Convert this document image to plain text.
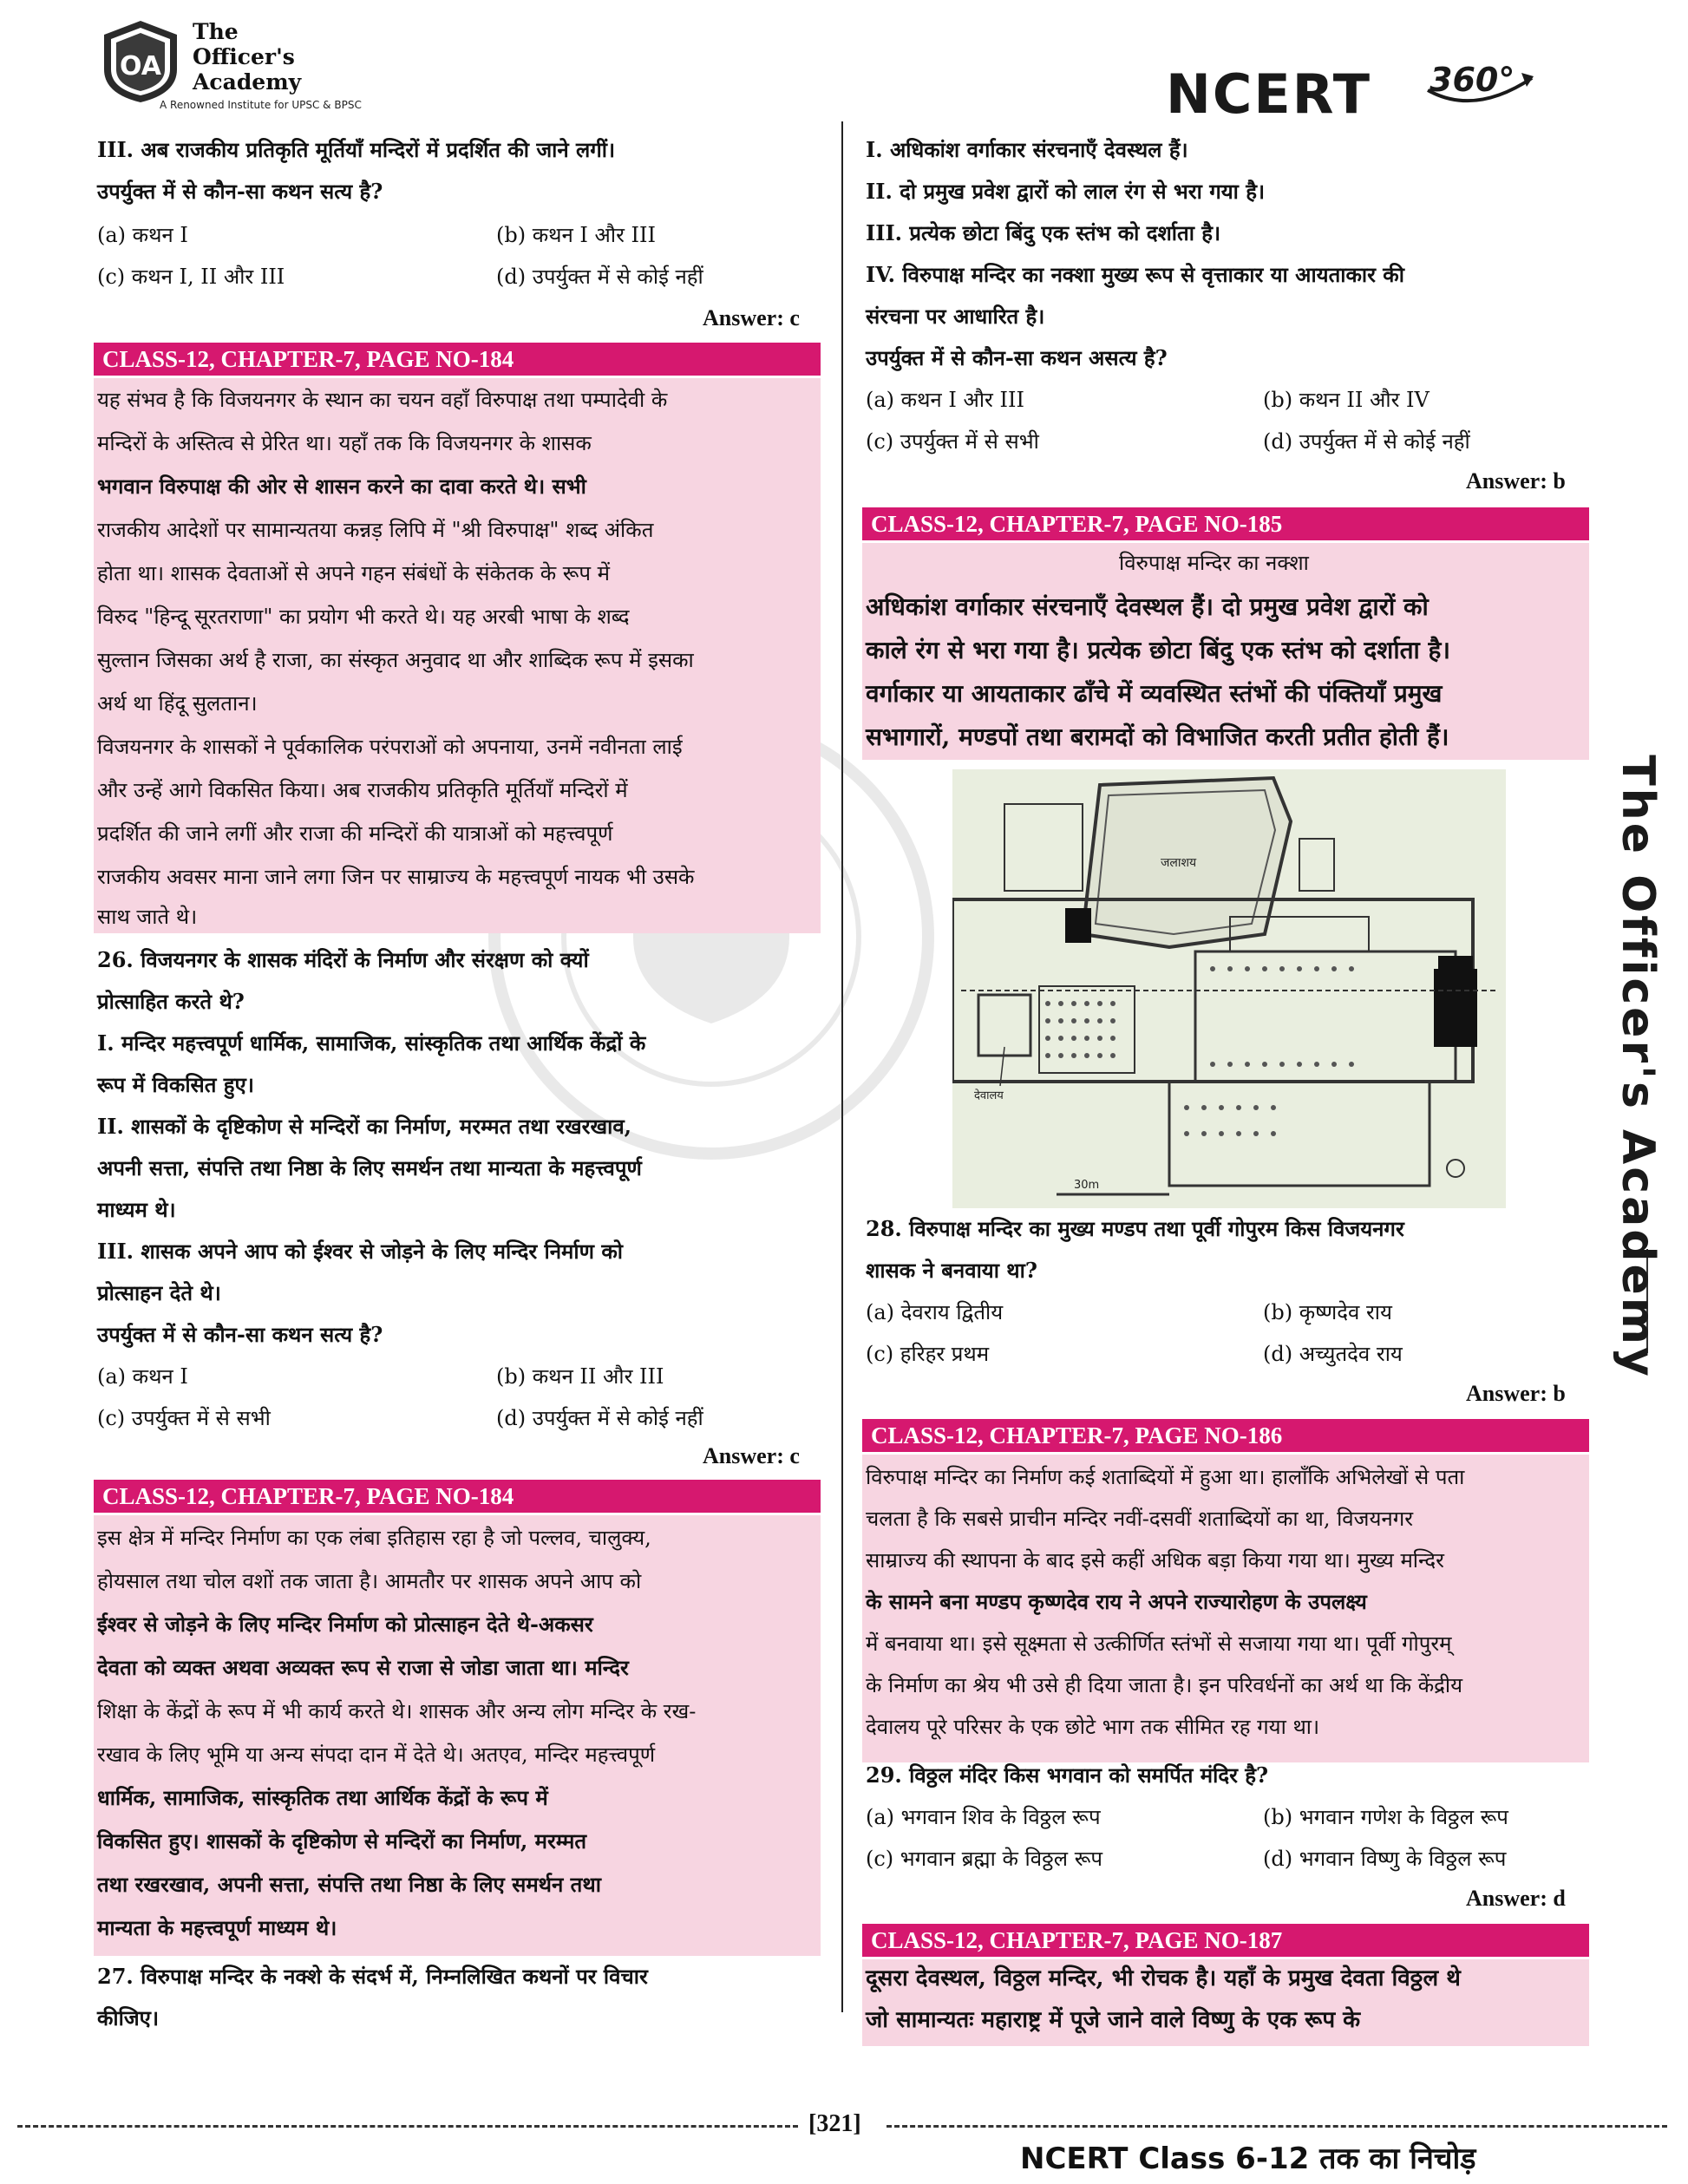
OA
The
Officer's
Academy
A Renowned Institute for UPSC & BPSC	NCERT 360°
The Officer's Academy
III. अब राजकीय प्रतिकृति मूर्तियाँ मन्दिरों में प्रदर्शित की जाने लगीं।
उपर्युक्त में से कौन-सा कथन सत्य है?
(a) कथन I	(b) कथन I और III
(c) कथन I, II और III	(d) उपर्युक्त में से कोई नहीं
Answer: c
CLASS-12, CHAPTER-7, PAGE NO-184
यह संभव है कि विजयनगर के स्थान का चयन वहाँ विरुपाक्ष तथा पम्पादेवी के
मन्दिरों के अस्तित्व से प्रेरित था। यहाँ तक कि विजयनगर के शासक
भगवान विरुपाक्ष की ओर से शासन करने का दावा करते थे। सभी
राजकीय आदेशों पर सामान्यतया कन्नड़ लिपि में "श्री विरुपाक्ष" शब्द अंकित
होता था। शासक देवताओं से अपने गहन संबंधों के संकेतक के रूप में
विरुद "हिन्दू सूरतराणा" का प्रयोग भी करते थे। यह अरबी भाषा के शब्द
सुल्तान जिसका अर्थ है राजा, का संस्कृत अनुवाद था और शाब्दिक रूप में इसका
अर्थ था हिंदू सुलतान।
विजयनगर के शासकों ने पूर्वकालिक परंपराओं को अपनाया, उनमें नवीनता लाई
और उन्हें आगे विकसित किया। अब राजकीय प्रतिकृति मूर्तियाँ मन्दिरों में
प्रदर्शित की जाने लगीं और राजा की मन्दिरों की यात्राओं को महत्त्वपूर्ण
राजकीय अवसर माना जाने लगा जिन पर साम्राज्य के महत्त्वपूर्ण नायक भी उसके
साथ जाते थे।
26. विजयनगर के शासक मंदिरों के निर्माण और संरक्षण को क्यों
प्रोत्साहित करते थे?
I. मन्दिर महत्त्वपूर्ण धार्मिक, सामाजिक, सांस्कृतिक तथा आर्थिक केंद्रों के
रूप में विकसित हुए।
II. शासकों के दृष्टिकोण से मन्दिरों का निर्माण, मरम्मत तथा रखरखाव,
अपनी सत्ता, संपत्ति तथा निष्ठा के लिए समर्थन तथा मान्यता के महत्त्वपूर्ण
माध्यम थे।
III. शासक अपने आप को ईश्वर से जोड़ने के लिए मन्दिर निर्माण को
प्रोत्साहन देते थे।
उपर्युक्त में से कौन-सा कथन सत्य है?
(a) कथन I	(b) कथन II और III
(c) उपर्युक्त में से सभी	(d) उपर्युक्त में से कोई नहीं
Answer: c
CLASS-12, CHAPTER-7, PAGE NO-184
इस क्षेत्र में मन्दिर निर्माण का एक लंबा इतिहास रहा है जो पल्लव, चालुक्य,
होयसाल तथा चोल वशों तक जाता है। आमतौर पर शासक अपने आप को
ईश्वर से जोड़ने के लिए मन्दिर निर्माण को प्रोत्साहन देते थे-अकसर
देवता को व्यक्त अथवा अव्यक्त रूप से राजा से जोडा जाता था। मन्दिर
शिक्षा के केंद्रों के रूप में भी कार्य करते थे। शासक और अन्य लोग मन्दिर के रख-
रखाव के लिए भूमि या अन्य संपदा दान में देते थे। अतएव, मन्दिर महत्त्वपूर्ण
धार्मिक, सामाजिक, सांस्कृतिक तथा आर्थिक केंद्रों के रूप में
विकसित हुए। शासकों के दृष्टिकोण से मन्दिरों का निर्माण, मरम्मत
तथा रखरखाव, अपनी सत्ता, संपत्ति तथा निष्ठा के लिए समर्थन तथा
मान्यता के महत्त्वपूर्ण माध्यम थे।
27. विरुपाक्ष मन्दिर के नक्शे के संदर्भ में, निम्नलिखित कथनों पर विचार
कीजिए।
I. अधिकांश वर्गाकार संरचनाएँ देवस्थल हैं।
II. दो प्रमुख प्रवेश द्वारों को लाल रंग से भरा गया है।
III. प्रत्येक छोटा बिंदु एक स्तंभ को दर्शाता है।
IV. विरुपाक्ष मन्दिर का नक्शा मुख्य रूप से वृत्ताकार या आयताकार की
संरचना पर आधारित है।
उपर्युक्त में से कौन-सा कथन असत्य है?
(a) कथन I और III	(b) कथन II और IV
(c) उपर्युक्त में से सभी	(d) उपर्युक्त में से कोई नहीं
Answer: b
CLASS-12, CHAPTER-7, PAGE NO-185
विरुपाक्ष मन्दिर का नक्शा
अधिकांश वर्गाकार संरचनाएँ देवस्थल हैं। दो प्रमुख प्रवेश द्वारों को
काले रंग से भरा गया है। प्रत्येक छोटा बिंदु एक स्तंभ को दर्शाता है।
वर्गाकार या आयताकार ढाँचे में व्यवस्थित स्तंभों की पंक्तियाँ प्रमुख
सभागारों, मण्डपों तथा बरामदों को विभाजित करती प्रतीत होती हैं।
जलाशय
देवालय
30m
28. विरुपाक्ष मन्दिर का मुख्य मण्डप तथा पूर्वी गोपुरम किस विजयनगर
शासक ने बनवाया था?
(a) देवराय द्वितीय	(b) कृष्णदेव राय
(c) हरिहर प्रथम	(d) अच्युतदेव राय
Answer: b
CLASS-12, CHAPTER-7, PAGE NO-186
विरुपाक्ष मन्दिर का निर्माण कई शताब्दियों में हुआ था। हालाँकि अभिलेखों से पता
चलता है कि सबसे प्राचीन मन्दिर नवीं-दसवीं शताब्दियों का था, विजयनगर
साम्राज्य की स्थापना के बाद इसे कहीं अधिक बड़ा किया गया था। मुख्य मन्दिर
के सामने बना मण्डप कृष्णदेव राय ने अपने राज्यारोहण के उपलक्ष्य
में बनवाया था। इसे सूक्ष्मता से उत्कीर्णित स्तंभों से सजाया गया था। पूर्वी गोपुरम्
के निर्माण का श्रेय भी उसे ही दिया जाता है। इन परिवर्धनों का अर्थ था कि केंद्रीय
देवालय पूरे परिसर के एक छोटे भाग तक सीमित रह गया था।
29. विठ्ठल मंदिर किस भगवान को समर्पित मंदिर है?
(a) भगवान शिव के विठ्ठल रूप	(b) भगवान गणेश के विठ्ठल रूप
(c) भगवान ब्रह्मा के विठ्ठल रूप	(d) भगवान विष्णु के विठ्ठल रूप
Answer: d
CLASS-12, CHAPTER-7, PAGE NO-187
दूसरा देवस्थल, विठ्ठल मन्दिर, भी रोचक है। यहाँ के प्रमुख देवता विठ्ठल थे
जो सामान्यतः महाराष्ट्र में पूजे जाने वाले विष्णु के एक रूप के
[321]
NCERT Class 6-12 तक का निचोड़
